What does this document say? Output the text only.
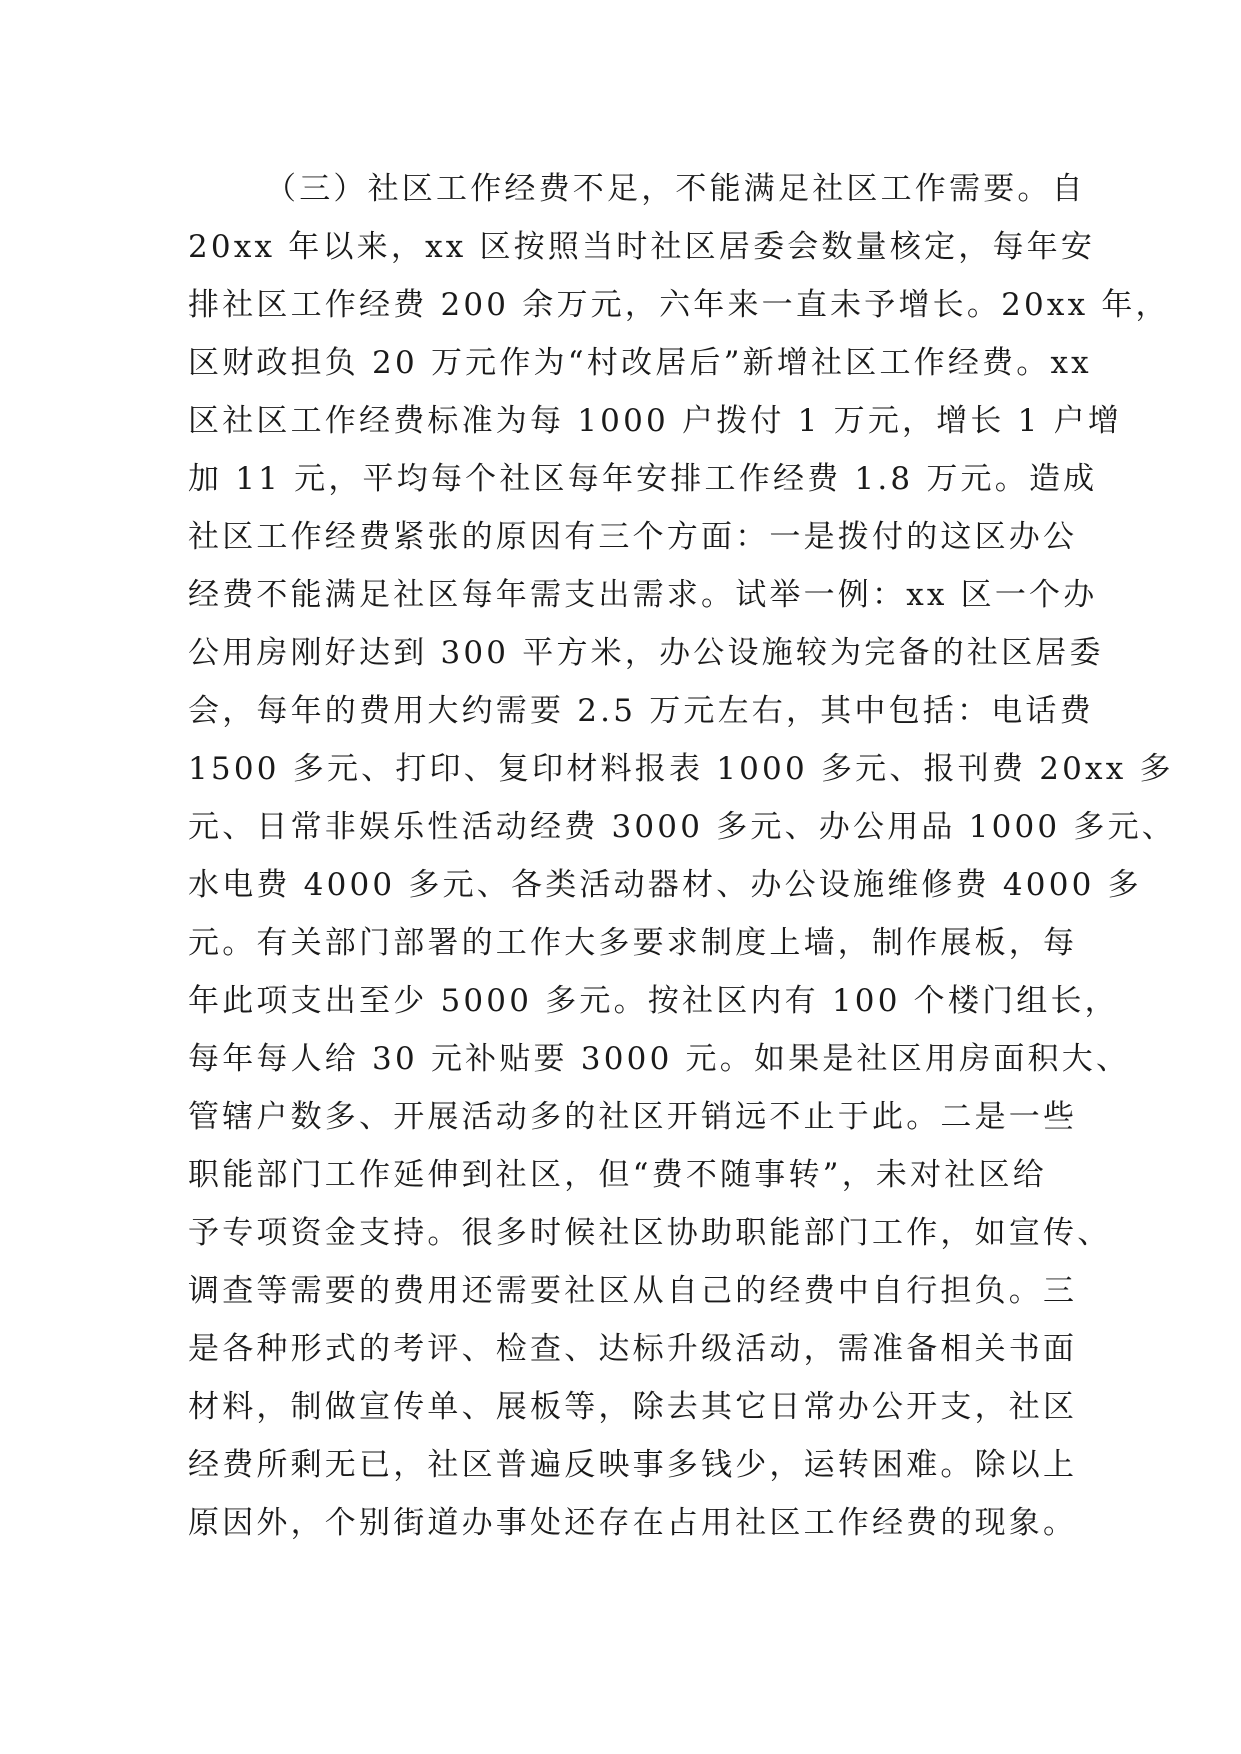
（三）社区工作经费不足，不能满足社区工作需要。自
20xx 年以来，xx 区按照当时社区居委会数量核定，每年安
排社区工作经费 200 余万元，六年来一直未予增长。20xx 年，
区财政担负 20 万元作为“村改居后”新增社区工作经费。xx
区社区工作经费标准为每 1000 户拨付 1 万元，增长 1 户增
加 11 元，平均每个社区每年安排工作经费 1.8 万元。造成
社区工作经费紧张的原因有三个方面：一是拨付的这区办公
经费不能满足社区每年需支出需求。试举一例：xx 区一个办
公用房刚好达到 300 平方米，办公设施较为完备的社区居委
会，每年的费用大约需要 2.5 万元左右，其中包括：电话费
1500 多元、打印、复印材料报表 1000 多元、报刊费 20xx 多
元、日常非娱乐性活动经费 3000 多元、办公用品 1000 多元、
水电费 4000 多元、各类活动器材、办公设施维修费 4000 多
元。有关部门部署的工作大多要求制度上墙，制作展板，每
年此项支出至少 5000 多元。按社区内有 100 个楼门组长，
每年每人给 30 元补贴要 3000 元。如果是社区用房面积大、
管辖户数多、开展活动多的社区开销远不止于此。二是一些
职能部门工作延伸到社区，但“费不随事转”，未对社区给
予专项资金支持。很多时候社区协助职能部门工作，如宣传、
调查等需要的费用还需要社区从自己的经费中自行担负。三
是各种形式的考评、检查、达标升级活动，需准备相关书面
材料，制做宣传单、展板等，除去其它日常办公开支，社区
经费所剩无已，社区普遍反映事多钱少，运转困难。除以上
原因外，个别街道办事处还存在占用社区工作经费的现象。
